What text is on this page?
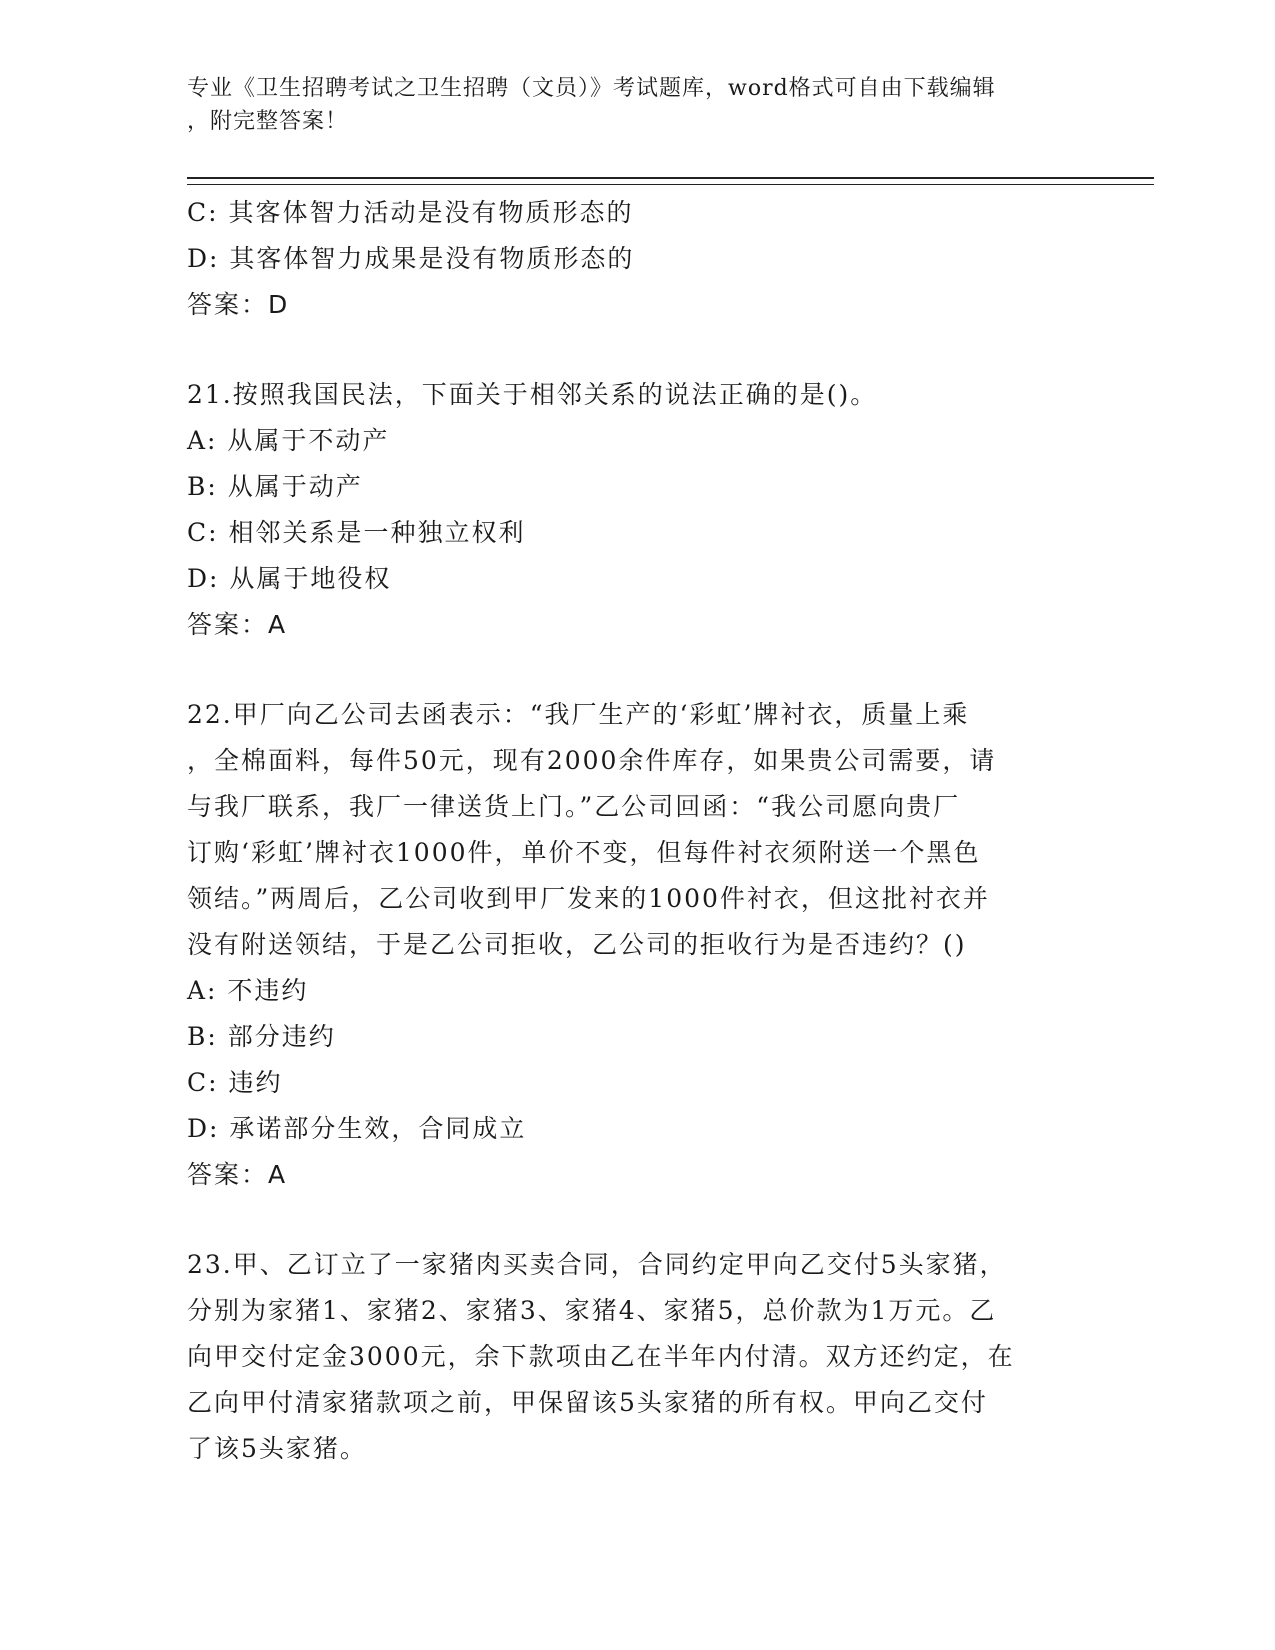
专业《卫生招聘考试之卫生招聘（文员）》考试题库，word格式可自由下载编辑
，附完整答案！
C: 其客体智力活动是没有物质形态的
D: 其客体智力成果是没有物质形态的
答案：D
21.按照我国民法，下面关于相邻关系的说法正确的是()。
A: 从属于不动产
B: 从属于动产
C: 相邻关系是一种独立权利
D: 从属于地役权
答案：A
22.甲厂向乙公司去函表示：“我厂生产的‘彩虹’牌衬衣，质量上乘
，全棉面料，每件50元，现有2000余件库存，如果贵公司需要，请
与我厂联系，我厂一律送货上门。”乙公司回函：“我公司愿向贵厂
订购‘彩虹’牌衬衣1000件，单价不变，但每件衬衣须附送一个黑色
领结。”两周后，乙公司收到甲厂发来的1000件衬衣，但这批衬衣并
没有附送领结，于是乙公司拒收，乙公司的拒收行为是否违约？()
A: 不违约
B: 部分违约
C: 违约
D: 承诺部分生效，合同成立
答案：A
23.甲、乙订立了一家猪肉买卖合同，合同约定甲向乙交付5头家猪，
分别为家猪1、家猪2、家猪3、家猪4、家猪5，总价款为1万元。乙
向甲交付定金3000元，余下款项由乙在半年内付清。双方还约定，在
乙向甲付清家猪款项之前，甲保留该5头家猪的所有权。甲向乙交付
了该5头家猪。
